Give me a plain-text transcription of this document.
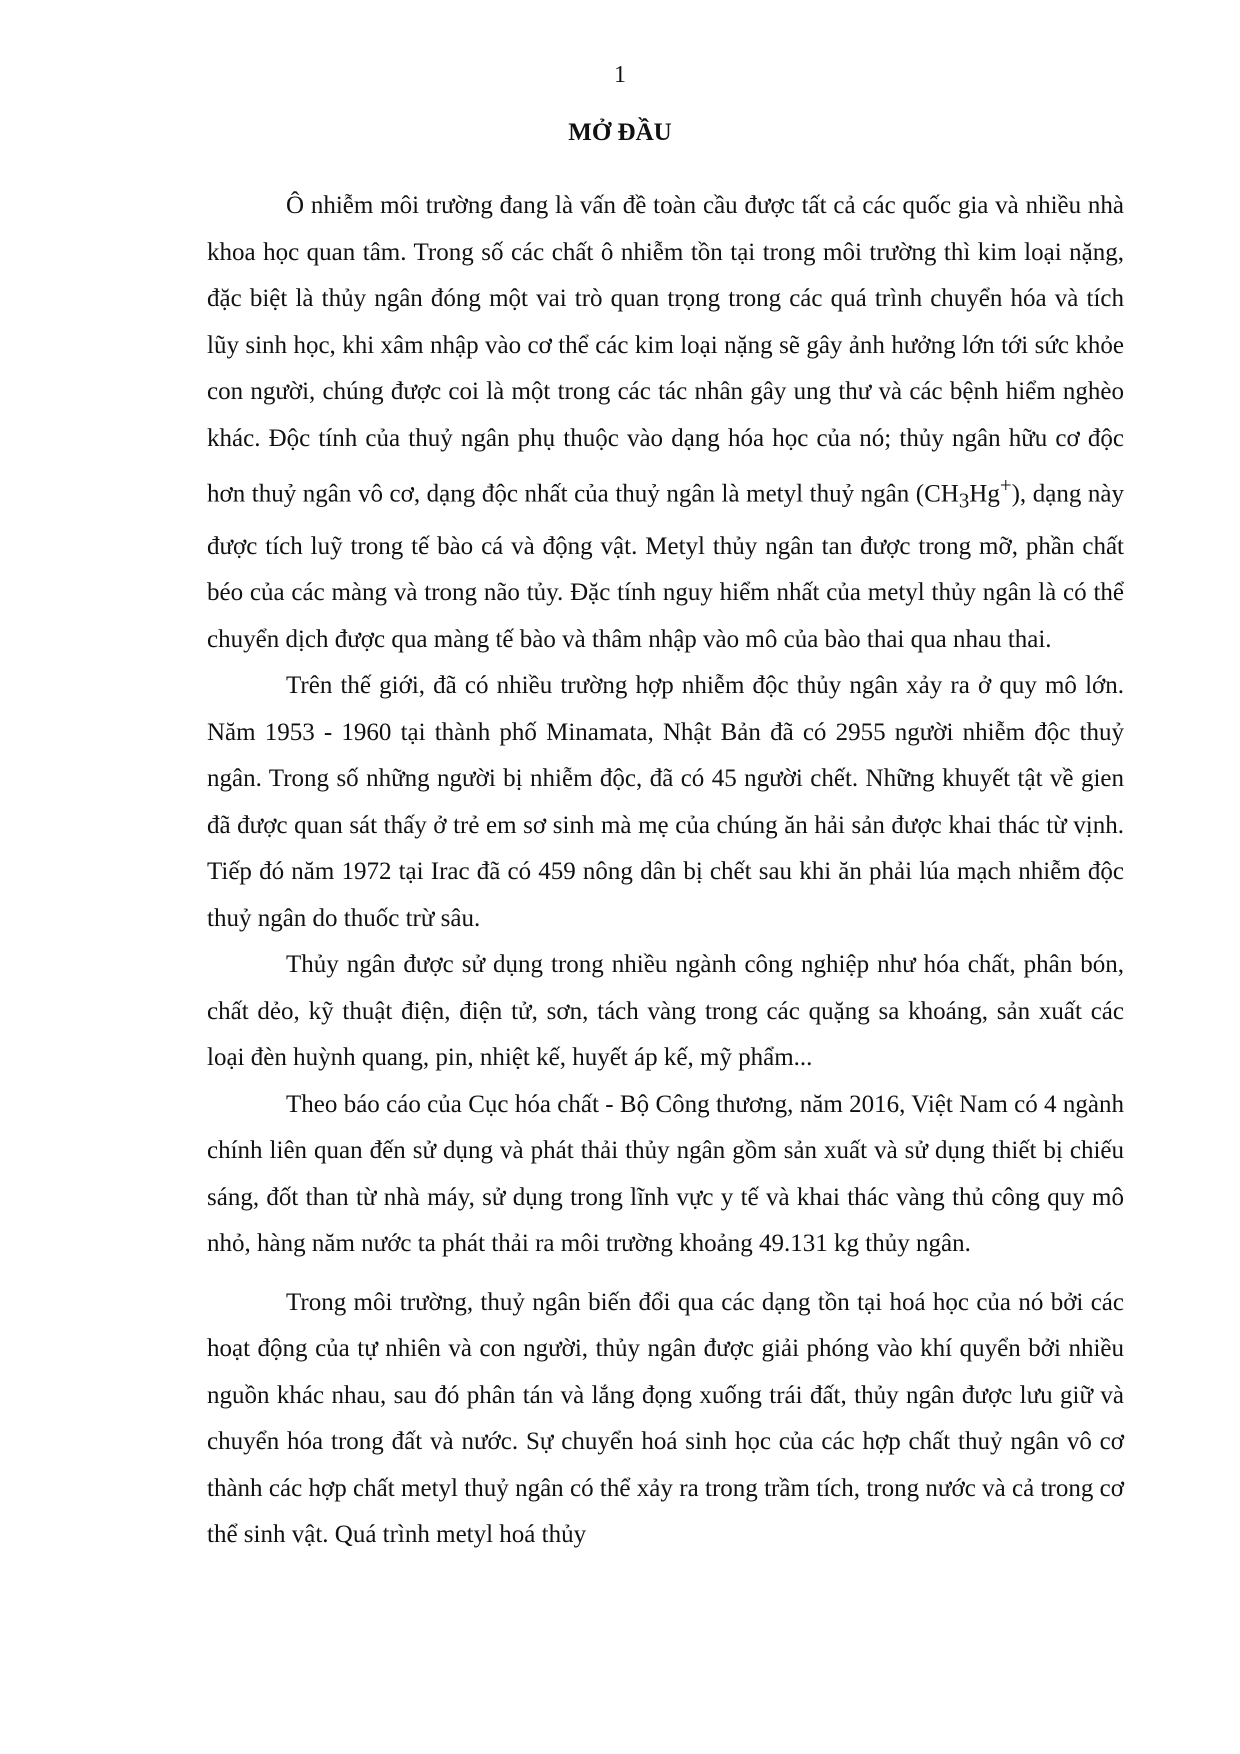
1
MỞ ĐẦU

Ô nhiễm môi trường đang là vấn đề toàn cầu được tất cả các quốc gia và nhiều nhà khoa học quan tâm. Trong số các chất ô nhiễm tồn tại trong môi trường thì kim loại nặng, đặc biệt là thủy ngân đóng một vai trò quan trọng trong các quá trình chuyển hóa và tích lũy sinh học, khi xâm nhập vào cơ thể các kim loại nặng sẽ gây ảnh hưởng lớn tới sức khỏe con người, chúng được coi là một trong các tác nhân gây ung thư và các bệnh hiểm nghèo khác. Độc tính của thuỷ ngân phụ thuộc vào dạng hóa học của nó; thủy ngân hữu cơ độc hơn thuỷ ngân vô cơ, dạng độc nhất của thuỷ ngân là metyl thuỷ ngân $(CH_3Hg^+)$, dạng này được tích luỹ trong tế bào cá và động vật. Metyl thủy ngân tan được trong mỡ, phần chất béo của các màng và trong não tủy. Đặc tính nguy hiểm nhất của metyl thủy ngân là có thể chuyển dịch được qua màng tế bào và thâm nhập vào mô của bào thai qua nhau thai.

Trên thế giới, đã có nhiều trường hợp nhiễm độc thủy ngân xảy ra ở quy mô lớn. Năm 1953 - 1960 tại thành phố Minamata, Nhật Bản đã có 2955 người nhiễm độc thuỷ ngân. Trong số những người bị nhiễm độc, đã có 45 người chết. Những khuyết tật về gien đã được quan sát thấy ở trẻ em sơ sinh mà mẹ của chúng ăn hải sản được khai thác từ vịnh. Tiếp đó năm 1972 tại Irac đã có 459 nông dân bị chết sau khi ăn phải lúa mạch nhiễm độc thuỷ ngân do thuốc trừ sâu.

Thủy ngân được sử dụng trong nhiều ngành công nghiệp như hóa chất, phân bón, chất dẻo, kỹ thuật điện, điện tử, sơn, tách vàng trong các quặng sa khoáng, sản xuất các loại đèn huỳnh quang, pin, nhiệt kế, huyết áp kế, mỹ phẩm...

Theo báo cáo của Cục hóa chất - Bộ Công thương, năm 2016, Việt Nam có 4 ngành chính liên quan đến sử dụng và phát thải thủy ngân gồm sản xuất và sử dụng thiết bị chiếu sáng, đốt than từ nhà máy, sử dụng trong lĩnh vực y tế và khai thác vàng thủ công quy mô nhỏ, hàng năm nước ta phát thải ra môi trường khoảng 49.131 kg thủy ngân.

Trong môi trường, thuỷ ngân biến đổi qua các dạng tồn tại hoá học của nó bởi các hoạt động của tự nhiên và con người, thủy ngân được giải phóng vào khí quyển bởi nhiều nguồn khác nhau, sau đó phân tán và lắng đọng xuống trái đất, thủy ngân được lưu giữ và chuyển hóa trong đất và nước. Sự chuyển hoá sinh học của các hợp chất thuỷ ngân vô cơ thành các hợp chất metyl thuỷ ngân có thể xảy ra trong trầm tích, trong nước và cả trong cơ thể sinh vật. Quá trình metyl hoá thủy
